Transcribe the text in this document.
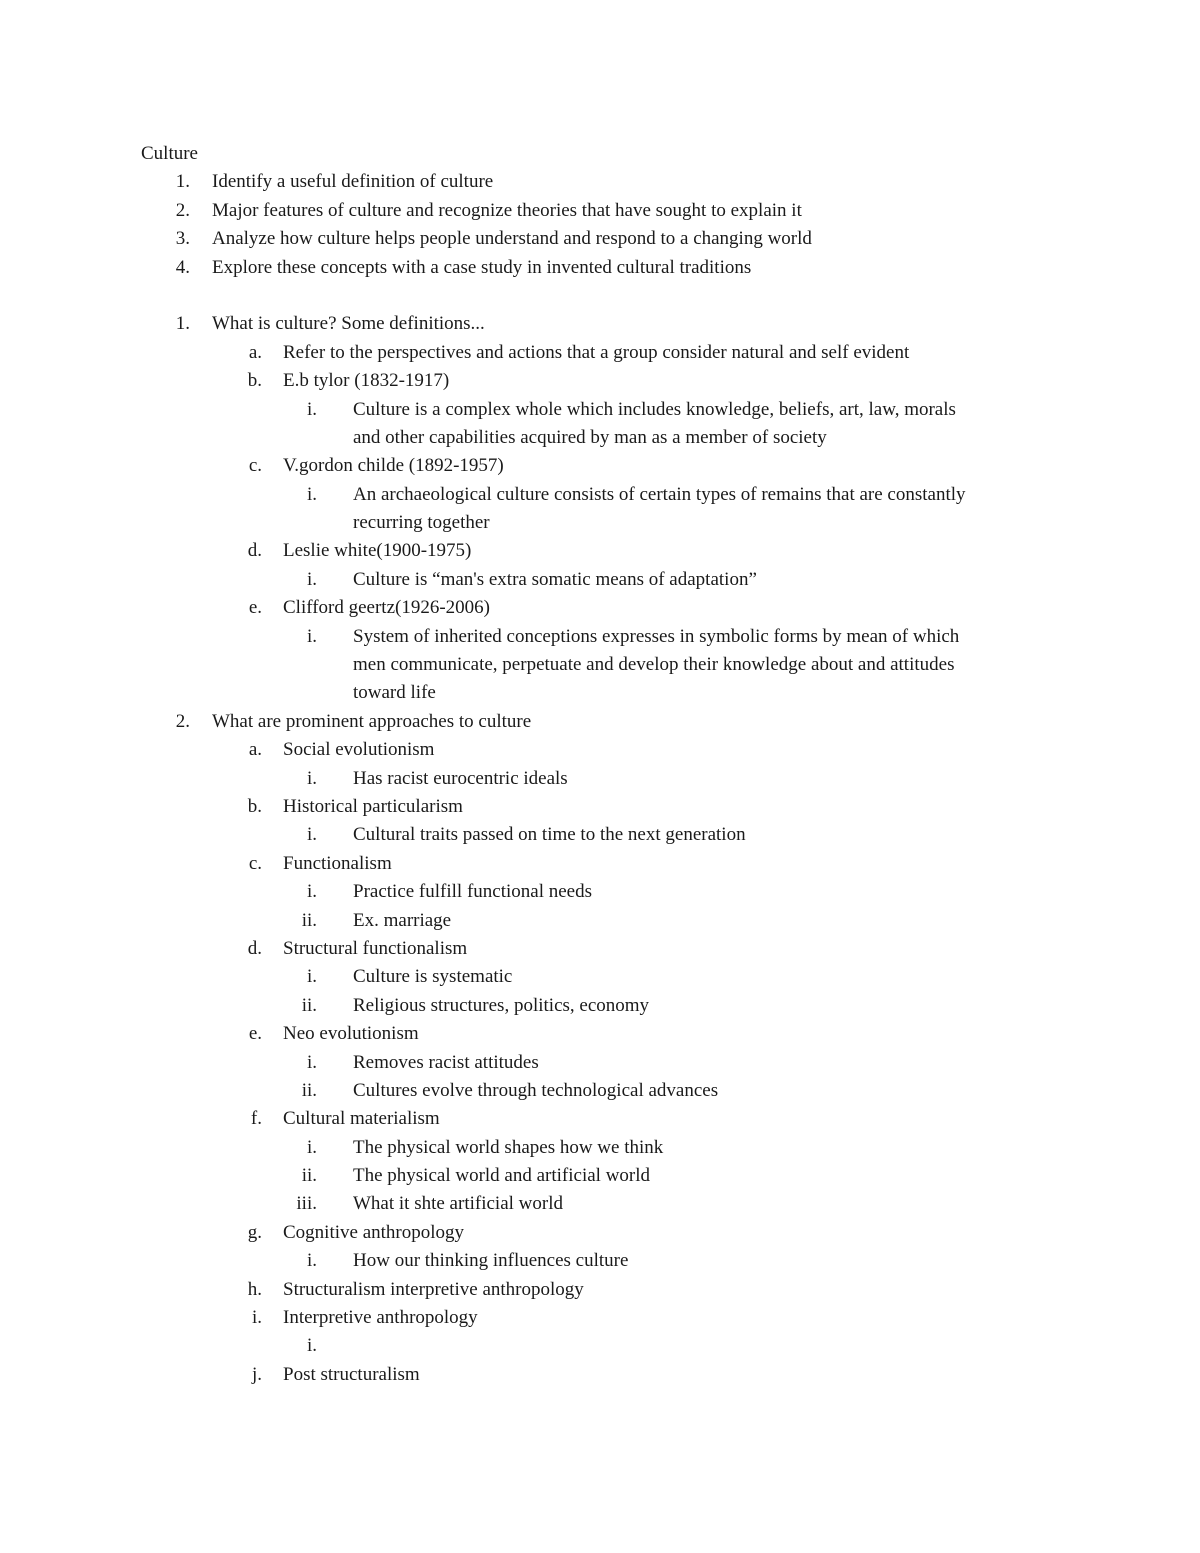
Culture
1. Identify a useful definition of culture
2. Major features of culture and recognize theories that have sought to explain it
3. Analyze how culture helps people understand and respond to a changing world
4. Explore these concepts with a case study in invented cultural traditions
1. What is culture? Some definitions...
a. Refer to the perspectives and actions that a group consider natural and self evident
b. E.b tylor (1832-1917)
i. Culture is a complex whole which includes knowledge, beliefs, art, law, morals
and other capabilities acquired by man as a member of society
c. V.gordon childe (1892-1957)
i. An archaeological culture consists of certain types of remains that are constantly
recurring together
d. Leslie white(1900-1975)
i. Culture is “man's extra somatic means of adaptation”
e. Clifford geertz(1926-2006)
i. System of inherited conceptions expresses in symbolic forms by mean of which
men communicate, perpetuate and develop their knowledge about and attitudes
toward life
2. What are prominent approaches to culture
a. Social evolutionism
i. Has racist eurocentric ideals
b. Historical particularism
i. Cultural traits passed on time to the next generation
c. Functionalism
i. Practice fulfill functional needs
ii. Ex. marriage
d. Structural functionalism
i. Culture is systematic
ii. Religious structures, politics, economy
e. Neo evolutionism
i. Removes racist attitudes
ii. Cultures evolve through technological advances
f. Cultural materialism
i. The physical world shapes how we think
ii. The physical world and artificial world
iii. What it shte artificial world
g. Cognitive anthropology
i. How our thinking influences culture
h. Structuralism interpretive anthropology
i. Interpretive anthropology
i.
j. Post structuralism
